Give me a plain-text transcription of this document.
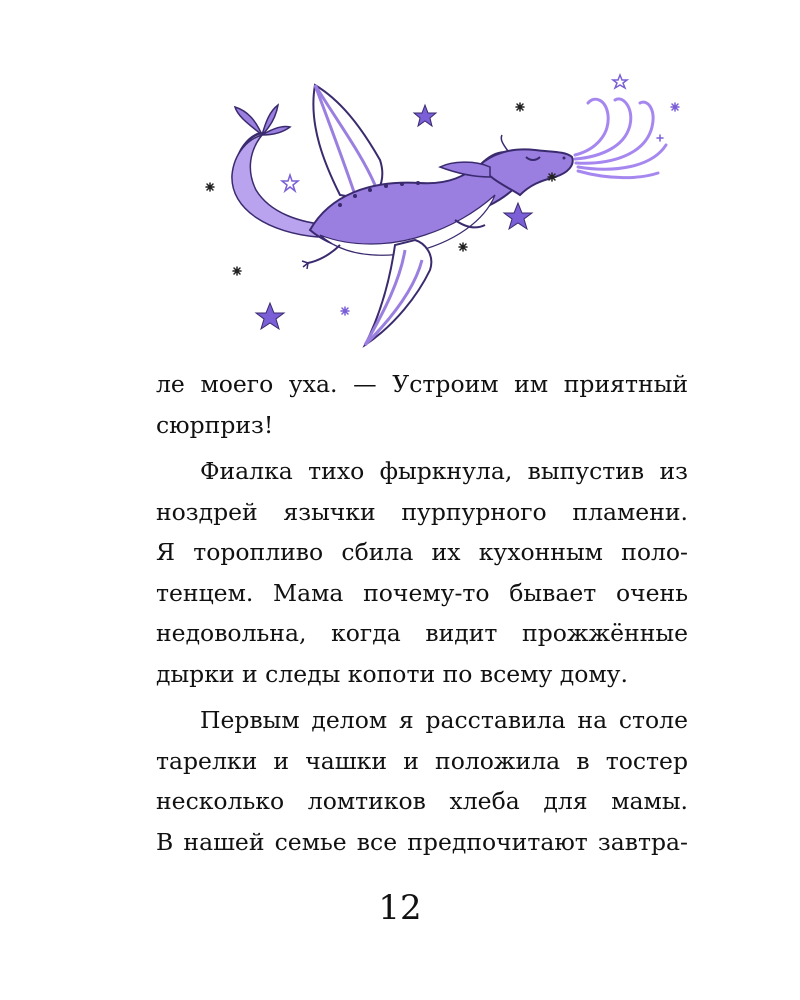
ле моего уха. — Устроим им приятный
сюрприз!
Фиалка тихо фыркнула, выпустив из
ноздрей язычки пурпурного пламени.
Я торопливо сбила их кухонным поло-
тенцем. Мама почему-то бывает очень
недовольна, когда видит прожжённые
дырки и следы копоти по всему дому.
Первым делом я расставила на столе
тарелки и чашки и положила в тостер
несколько ломтиков хлеба для мамы.
В нашей семье все предпочитают завтра-
12
